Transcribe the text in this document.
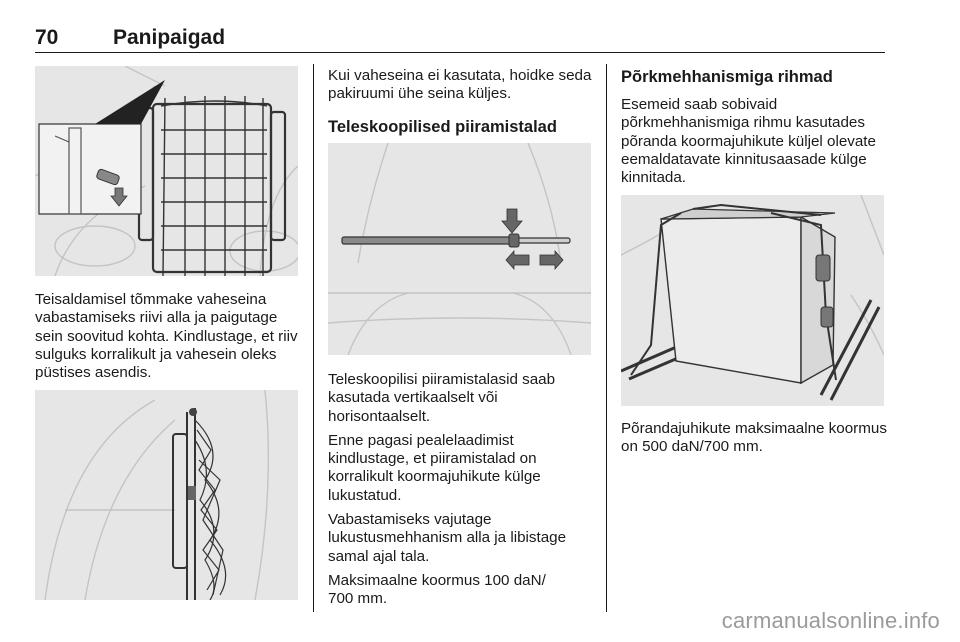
70	Panipaigad

Teisaldamisel tõmmake vaheseina vabastamiseks riivi alla ja paigutage sein soovitud kohta. Kindlustage, et riiv sulguks korralikult ja vahesein oleks püstises asendis.

Kui vaheseina ei kasutata, hoidke seda pakiruumi ühe seina küljes.

Teleskoopilised piiramistalad

Teleskoopilisi piiramistalasid saab kasutada vertikaalselt või horisontaalselt.

Enne pagasi pealelaadimist kindlustage, et piiramistalad on korralikult koormajuhikute külge lukustatud.

Vabastamiseks vajutage lukustusmehhanism alla ja libistage samal ajal tala.

Maksimaalne koormus 100 daN/ 700 mm.

Põrkmehhanismiga rihmad

Esemeid saab sobivaid põrkmehhanismiga rihmu kasutades põranda koormajuhikute küljel olevate eemaldatavate kinnitusaasade külge kinnitada.

Põrandajuhikute maksimaalne koormus on 500 daN/700 mm.

carmanualsonline.info
